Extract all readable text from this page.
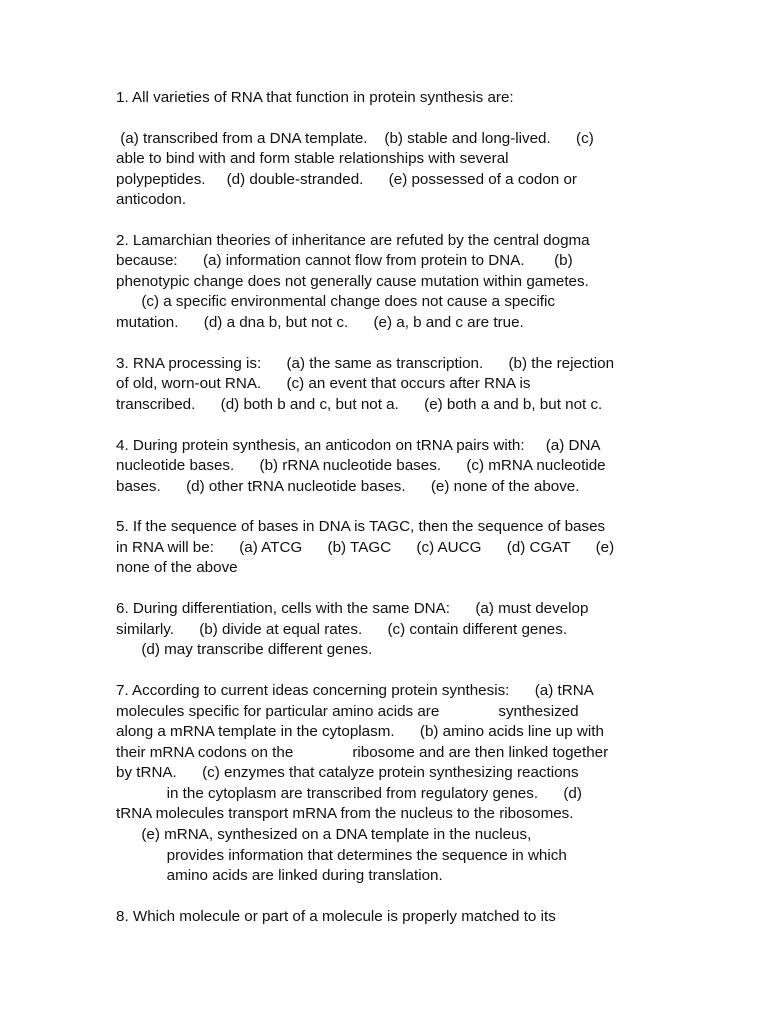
1. All varieties of RNA that function in protein synthesis are:

(a) transcribed from a DNA template.    (b) stable and long-lived.      (c)

able to bind with and form stable relationships with several

polypeptides.     (d) double-stranded.      (e) possessed of a codon or

anticodon.

2. Lamarchian theories of inheritance are refuted by the central dogma

because:      (a) information cannot flow from protein to DNA.       (b)

phenotypic change does not generally cause mutation within gametes.

(c) a specific environmental change does not cause a specific

mutation.      (d) a dna b, but not c.      (e) a, b and c are true.

3. RNA processing is:      (a) the same as transcription.      (b) the rejection

of old, worn-out RNA.      (c) an event that occurs after RNA is

transcribed.      (d) both b and c, but not a.      (e) both a and b, but not c.

4. During protein synthesis, an anticodon on tRNA pairs with:     (a) DNA

nucleotide bases.      (b) rRNA nucleotide bases.      (c) mRNA nucleotide

bases.      (d) other tRNA nucleotide bases.      (e) none of the above.

5. If the sequence of bases in DNA is TAGC, then the sequence of bases

in RNA will be:      (a) ATCG      (b) TAGC      (c) AUCG      (d) CGAT      (e)

none of the above

6. During differentiation, cells with the same DNA:      (a) must develop

similarly.      (b) divide at equal rates.      (c) contain different genes.

(d) may transcribe different genes.

7. According to current ideas concerning protein synthesis:      (a) tRNA

molecules specific for particular amino acids are              synthesized

along a mRNA template in the cytoplasm.      (b) amino acids line up with

their mRNA codons on the              ribosome and are then linked together

by tRNA.      (c) enzymes that catalyze protein synthesizing reactions

in the cytoplasm are transcribed from regulatory genes.      (d)

tRNA molecules transport mRNA from the nucleus to the ribosomes.

(e) mRNA, synthesized on a DNA template in the nucleus,

provides information that determines the sequence in which

amino acids are linked during translation.

8. Which molecule or part of a molecule is properly matched to its
